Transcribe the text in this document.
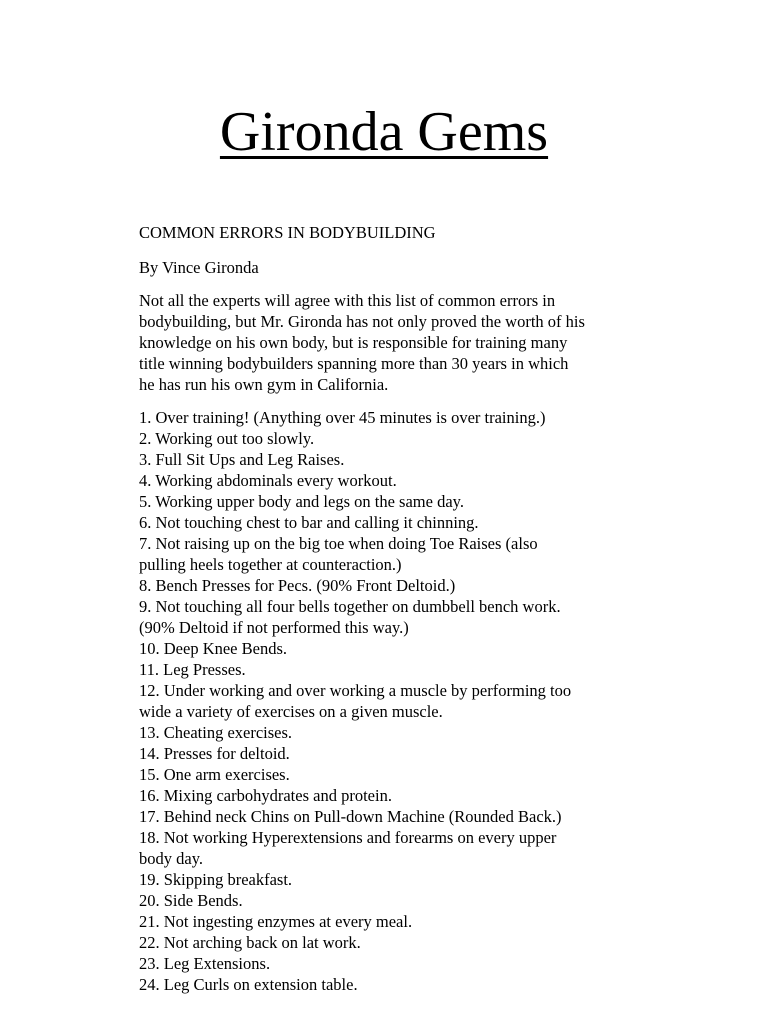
Gironda Gems
COMMON ERRORS IN BODYBUILDING
By Vince Gironda
Not all the experts will agree with this list of common errors in
bodybuilding, but Mr. Gironda has not only proved the worth of his
knowledge on his own body, but is responsible for training many
title winning bodybuilders spanning more than 30 years in which
he has run his own gym in California.
1. Over training! (Anything over 45 minutes is over training.)
2. Working out too slowly.
3. Full Sit Ups and Leg Raises.
4. Working abdominals every workout.
5. Working upper body and legs on the same day.
6. Not touching chest to bar and calling it chinning.
7. Not raising up on the big toe when doing Toe Raises (also
pulling heels together at counteraction.)
8. Bench Presses for Pecs. (90% Front Deltoid.)
9. Not touching all four bells together on dumbbell bench work.
(90% Deltoid if not performed this way.)
10. Deep Knee Bends.
11. Leg Presses.
12. Under working and over working a muscle by performing too
wide a variety of exercises on a given muscle.
13. Cheating exercises.
14. Presses for deltoid.
15. One arm exercises.
16. Mixing carbohydrates and protein.
17. Behind neck Chins on Pull-down Machine (Rounded Back.)
18. Not working Hyperextensions and forearms on every upper
body day.
19. Skipping breakfast.
20. Side Bends.
21. Not ingesting enzymes at every meal.
22. Not arching back on lat work.
23. Leg Extensions.
24. Leg Curls on extension table.
